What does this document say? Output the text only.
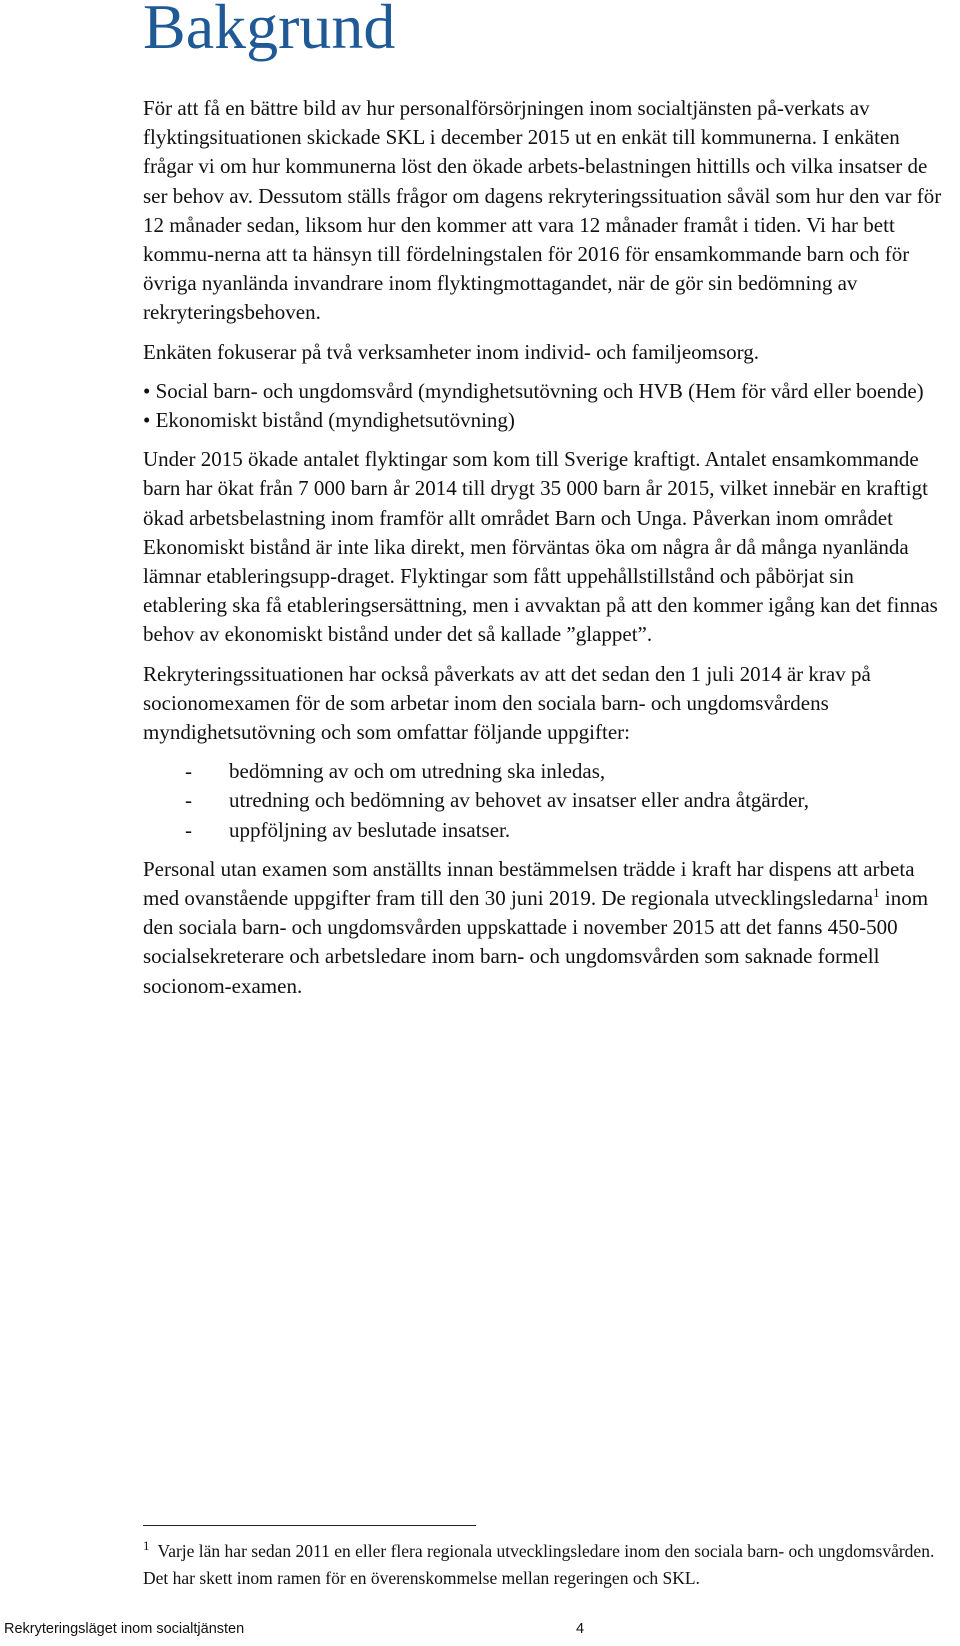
Bakgrund

För att få en bättre bild av hur personalförsörjningen inom socialtjänsten på-verkats av flyktingsituationen skickade SKL i december 2015 ut en enkät till kommunerna. I enkäten frågar vi om hur kommunerna löst den ökade arbets-belastningen hittills och vilka insatser de ser behov av. Dessutom ställs frågor om dagens rekryteringssituation såväl som hur den var för 12 månader sedan, liksom hur den kommer att vara 12 månader framåt i tiden. Vi har bett kommu-nerna att ta hänsyn till fördelningstalen för 2016 för ensamkommande barn och för övriga nyanlända invandrare inom flyktingmottagandet, när de gör sin bedömning av rekryteringsbehoven.

Enkäten fokuserar på två verksamheter inom individ- och familjeomsorg.

• Social barn- och ungdomsvård (myndighetsutövning och HVB (Hem för vård eller boende)

• Ekonomiskt bistånd (myndighetsutövning)

Under 2015 ökade antalet flyktingar som kom till Sverige kraftigt. Antalet ensamkommande barn har ökat från 7 000 barn år 2014 till drygt 35 000 barn år 2015, vilket innebär en kraftigt ökad arbetsbelastning inom framför allt området Barn och Unga. Påverkan inom området Ekonomiskt bistånd är inte lika direkt, men förväntas öka om några år då många nyanlända lämnar etableringsupp-draget. Flyktingar som fått uppehållstillstånd och påbörjat sin etablering ska få etableringsersättning, men i avvaktan på att den kommer igång kan det finnas behov av ekonomiskt bistånd under det så kallade ”glappet”.

Rekryteringssituationen har också påverkats av att det sedan den 1 juli 2014 är krav på socionomexamen för de som arbetar inom den sociala barn- och ungdomsvårdens myndighetsutövning och som omfattar följande uppgifter:

-	bedömning av och om utredning ska inledas,
-	utredning och bedömning av behovet av insatser eller andra åtgärder,
-	uppföljning av beslutade insatser.

Personal utan examen som anställts innan bestämmelsen trädde i kraft har dispens att arbeta med ovanstående uppgifter fram till den 30 juni 2019. De regionala utvecklingsledarna$^1$ inom den sociala barn- och ungdomsvården uppskattade i november 2015 att det fanns 450-500 socialsekreterare och arbetsledare inom barn- och ungdomsvården som saknade formell socionom-examen.

$^1$ Varje län har sedan 2011 en eller flera regionala utvecklingsledare inom den sociala barn- och ungdomsvården. Det har skett inom ramen för en överenskommelse mellan regeringen och SKL.
Rekryteringsläget inom socialtjänsten	4
